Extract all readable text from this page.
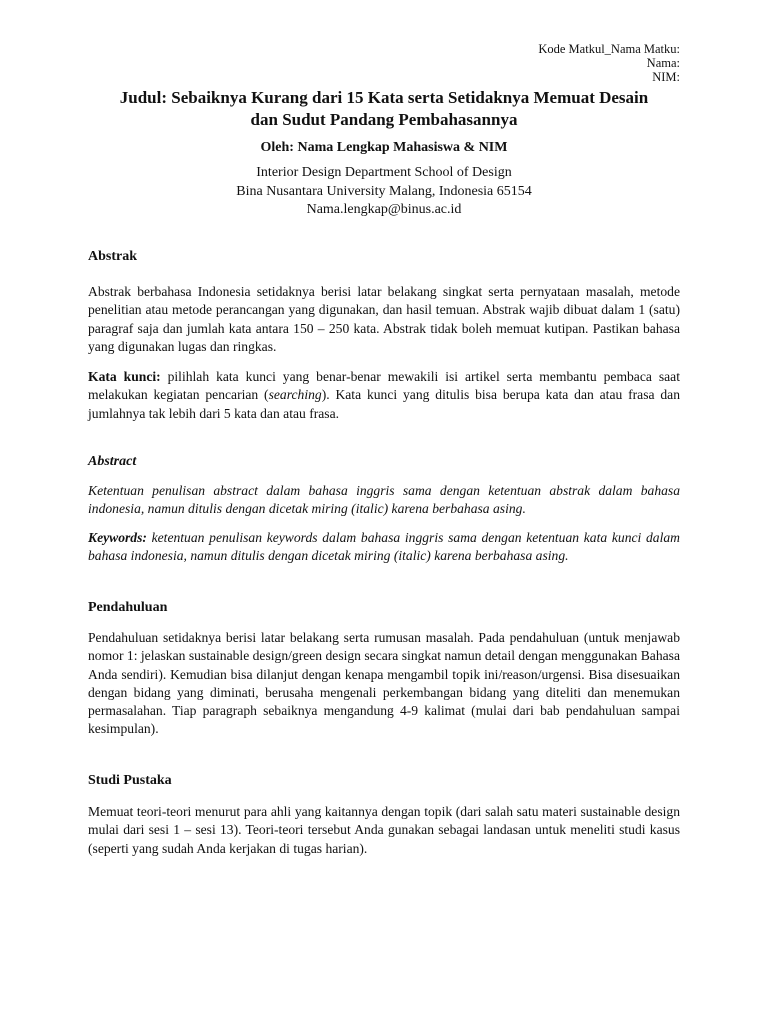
Kode Matkul_Nama Matku:
Nama:
NIM:
Judul: Sebaiknya Kurang dari 15 Kata serta Setidaknya Memuat Desain
dan Sudut Pandang Pembahasannya

Oleh: Nama Lengkap Mahasiswa & NIM

Interior Design Department School of Design
Bina Nusantara University Malang, Indonesia 65154
Nama.lengkap@binus.ac.id
Abstrak

Abstrak berbahasa Indonesia setidaknya berisi latar belakang singkat serta pernyataan masalah, metode penelitian atau metode perancangan yang digunakan, dan hasil temuan. Abstrak wajib dibuat dalam 1 (satu) paragraf saja dan jumlah kata antara 150 – 250 kata. Abstrak tidak boleh memuat kutipan. Pastikan bahasa yang digunakan lugas dan ringkas.

Kata kunci: pilihlah kata kunci yang benar-benar mewakili isi artikel serta membantu pembaca saat melakukan kegiatan pencarian (searching). Kata kunci yang ditulis bisa berupa kata dan atau frasa dan jumlahnya tak lebih dari 5 kata dan atau frasa.

Abstract

Ketentuan penulisan abstract dalam bahasa inggris sama dengan ketentuan abstrak dalam bahasa indonesia, namun ditulis dengan dicetak miring (italic) karena berbahasa asing.

Keywords: ketentuan penulisan keywords dalam bahasa inggris sama dengan ketentuan kata kunci dalam bahasa indonesia, namun ditulis dengan dicetak miring (italic) karena berbahasa asing.

Pendahuluan

Pendahuluan setidaknya berisi latar belakang serta rumusan masalah. Pada pendahuluan (untuk menjawab nomor 1: jelaskan sustainable design/green design secara singkat namun detail dengan menggunakan Bahasa Anda sendiri). Kemudian bisa dilanjut dengan kenapa mengambil topik ini/reason/urgensi. Bisa disesuaikan dengan bidang yang diminati, berusaha mengenali perkembangan bidang yang diteliti dan menemukan permasalahan. Tiap paragraph sebaiknya mengandung 4-9 kalimat (mulai dari bab pendahuluan sampai kesimpulan).

Studi Pustaka

Memuat teori-teori menurut para ahli yang kaitannya dengan topik (dari salah satu materi sustainable design mulai dari sesi 1 – sesi 13). Teori-teori tersebut Anda gunakan sebagai landasan untuk meneliti studi kasus (seperti yang sudah Anda kerjakan di tugas harian).
